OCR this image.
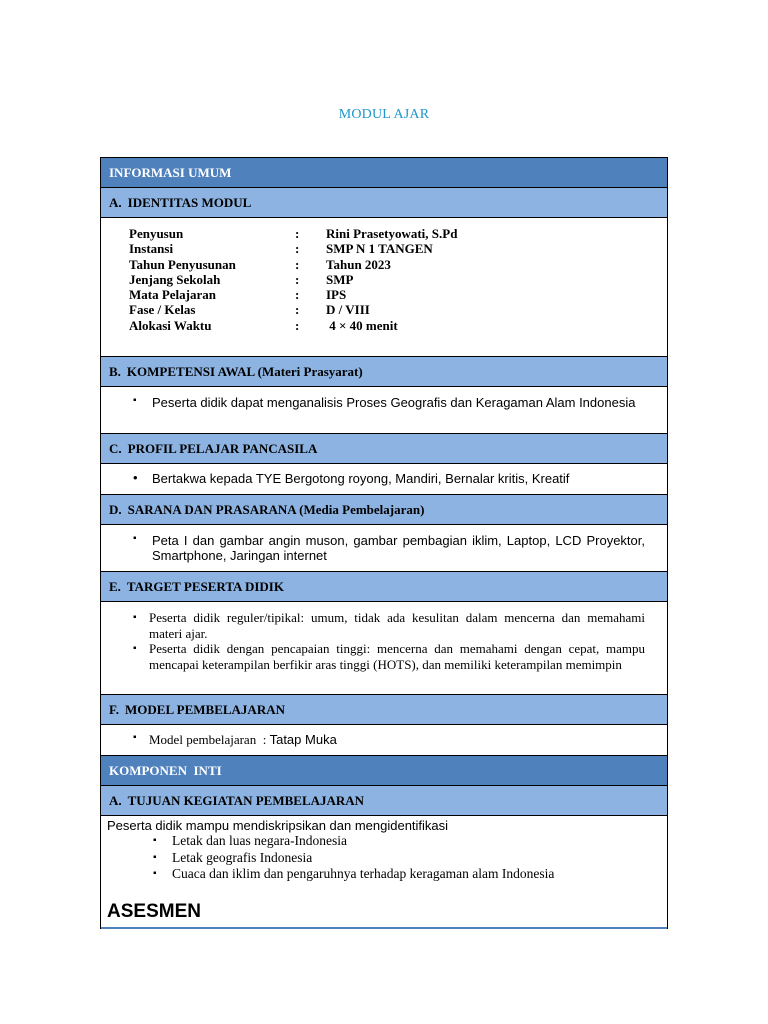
MODUL AJAR
INFORMASI UMUM
A. IDENTITAS MODUL
Penyusun	:	Rini Prasetyowati, S.Pd
Instansi	:	SMP N 1 TANGEN
Tahun Penyusunan	:	Tahun 2023
Jenjang Sekolah	:	SMP
Mata Pelajaran	:	IPS
Fase / Kelas	:	D / VIII
Alokasi Waktu	:	4 × 40 menit
B. KOMPETENSI AWAL (Materi Prasyarat)
▪ Peserta didik dapat menganalisis Proses Geografis dan Keragaman Alam Indonesia
C. PROFIL PELAJAR PANCASILA
• Bertakwa kepada TYE Bergotong royong, Mandiri, Bernalar kritis, Kreatif
D. SARANA DAN PRASARANA (Media Pembelajaran)
▪ Peta I dan gambar angin muson, gambar pembagian iklim, Laptop, LCD Proyektor, Smartphone, Jaringan internet
E. TARGET PESERTA DIDIK
▪ Peserta didik reguler/tipikal: umum, tidak ada kesulitan dalam mencerna dan memahami materi ajar.
▪ Peserta didik dengan pencapaian tinggi: mencerna dan memahami dengan cepat, mampu mencapai keterampilan berfikir aras tinggi (HOTS), dan memiliki keterampilan memimpin
F. MODEL PEMBELAJARAN
▪ Model pembelajaran  : Tatap Muka
KOMPONEN  INTI
A. TUJUAN KEGIATAN PEMBELAJARAN
Peserta didik mampu mendiskripsikan dan mengidentifikasi
▪ Letak dan luas negara-Indonesia
▪ Letak geografis Indonesia
▪ Cuaca dan iklim dan pengaruhnya terhadap keragaman alam Indonesia
ASESMEN
